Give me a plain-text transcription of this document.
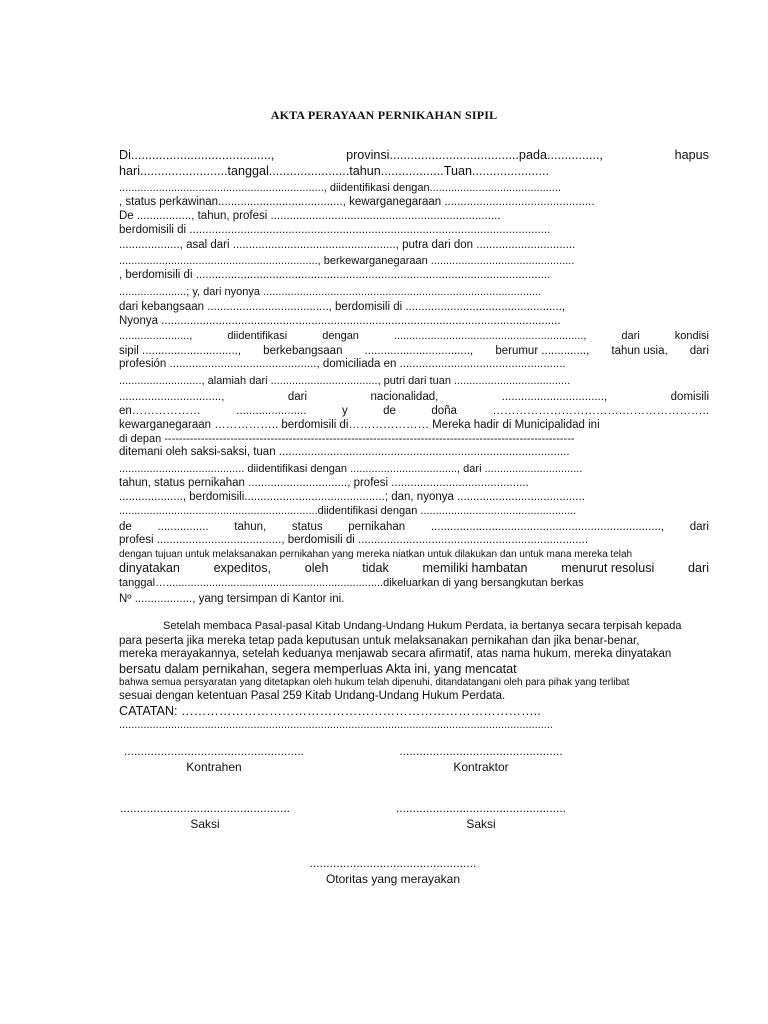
AKTA PERAYAAN PERNIKAHAN SIPIL
Di........................................,	provinsi.....................................pada...............,	hapus
hari.........................tanggal.......................tahun..................Tuan......................
..................................................................., diidentifikasi dengan...........................................
, status perkawinan......................................., kewarganegaraan ...............................................
De ................., tahun, profesi ........................................................................
berdomisili di .................................................................................................................
..................., asal dari ..................................................., putra dari don ...............................
................................................................., berkewarganegaraan ...............................................
, berdomisili di ...............................................................................................................
......................; y, dari nyonya ...........................................................................................
dari kebangsaan ......................................, berdomisili di .................................................,
Nyonya .............................................................................................................................
.......................,	diidentifikasi	dengan	..............................................................,	dari	kondisi
sipil .............................., berkebangsaan ................................., berumur .............., tahun usia, dari
profesión .............................................., domiciliada en ....................................................
..........................., alamiah dari ..................................., putri dari tuan ......................................
................................,	dari	nacionalidad,	................................,	domisili
en………………	......................	y	de	doña	…………………………….…………………..
kewarganegaraan …………….. berdomisili di………………… Mereka hadir di Municipalidad ini
di depan ----------------------------------------------------------------------------------------------------------------
ditemani oleh saksi-saksi, tuan ...........................................................................................
......................................... diidentifikasi dengan ..................................., dari ................................
tahun, status pernikahan ..............................., profesi ...........................................
...................., berdomisili............................................; dan, nyonya ........................................
.................................................................diidentifikasi dengan ...................................................
de ................ tahun, status pernikahan ........................................................................, dari
profesi ......................................., berdomisili di ........................................................................
dengan tujuan untuk melaksanakan pernikahan yang mereka niatkan untuk dilakukan dan untuk mana mereka telah
dinyatakan	expeditos,	oleh	tidak	memiliki hambatan	menurut resolusi	dari
tanggal….......................................................................dikeluarkan di yang bersangkutan berkas
Nº .................., yang tersimpan di Kantor ini.
Setelah membaca Pasal-pasal Kitab Undang-Undang Hukum Perdata, ia bertanya secara terpisah kepada
para peserta jika mereka tetap pada keputusan untuk melaksanakan pernikahan dan jika benar-benar,
mereka merayakannya, setelah keduanya menjawab secara afirmatif, atas nama hukum, mereka dinyatakan
bersatu dalam pernikahan, segera memperluas Akta ini, yang mencatat
bahwa semua persyaratan yang ditetapkan oleh hukum telah dipenuhi, ditandatangani oleh para pihak yang terlibat
sesuai dengan ketentuan Pasal 259 Kitab Undang-Undang Hukum Perdata.
CATATAN: …………………………………………………………………………..
..............................................................................................................................................
......................................................
Kontrahen
.................................................
Kontraktor
...................................................
Saksi
...................................................
Saksi
..................................................
Otoritas yang merayakan
